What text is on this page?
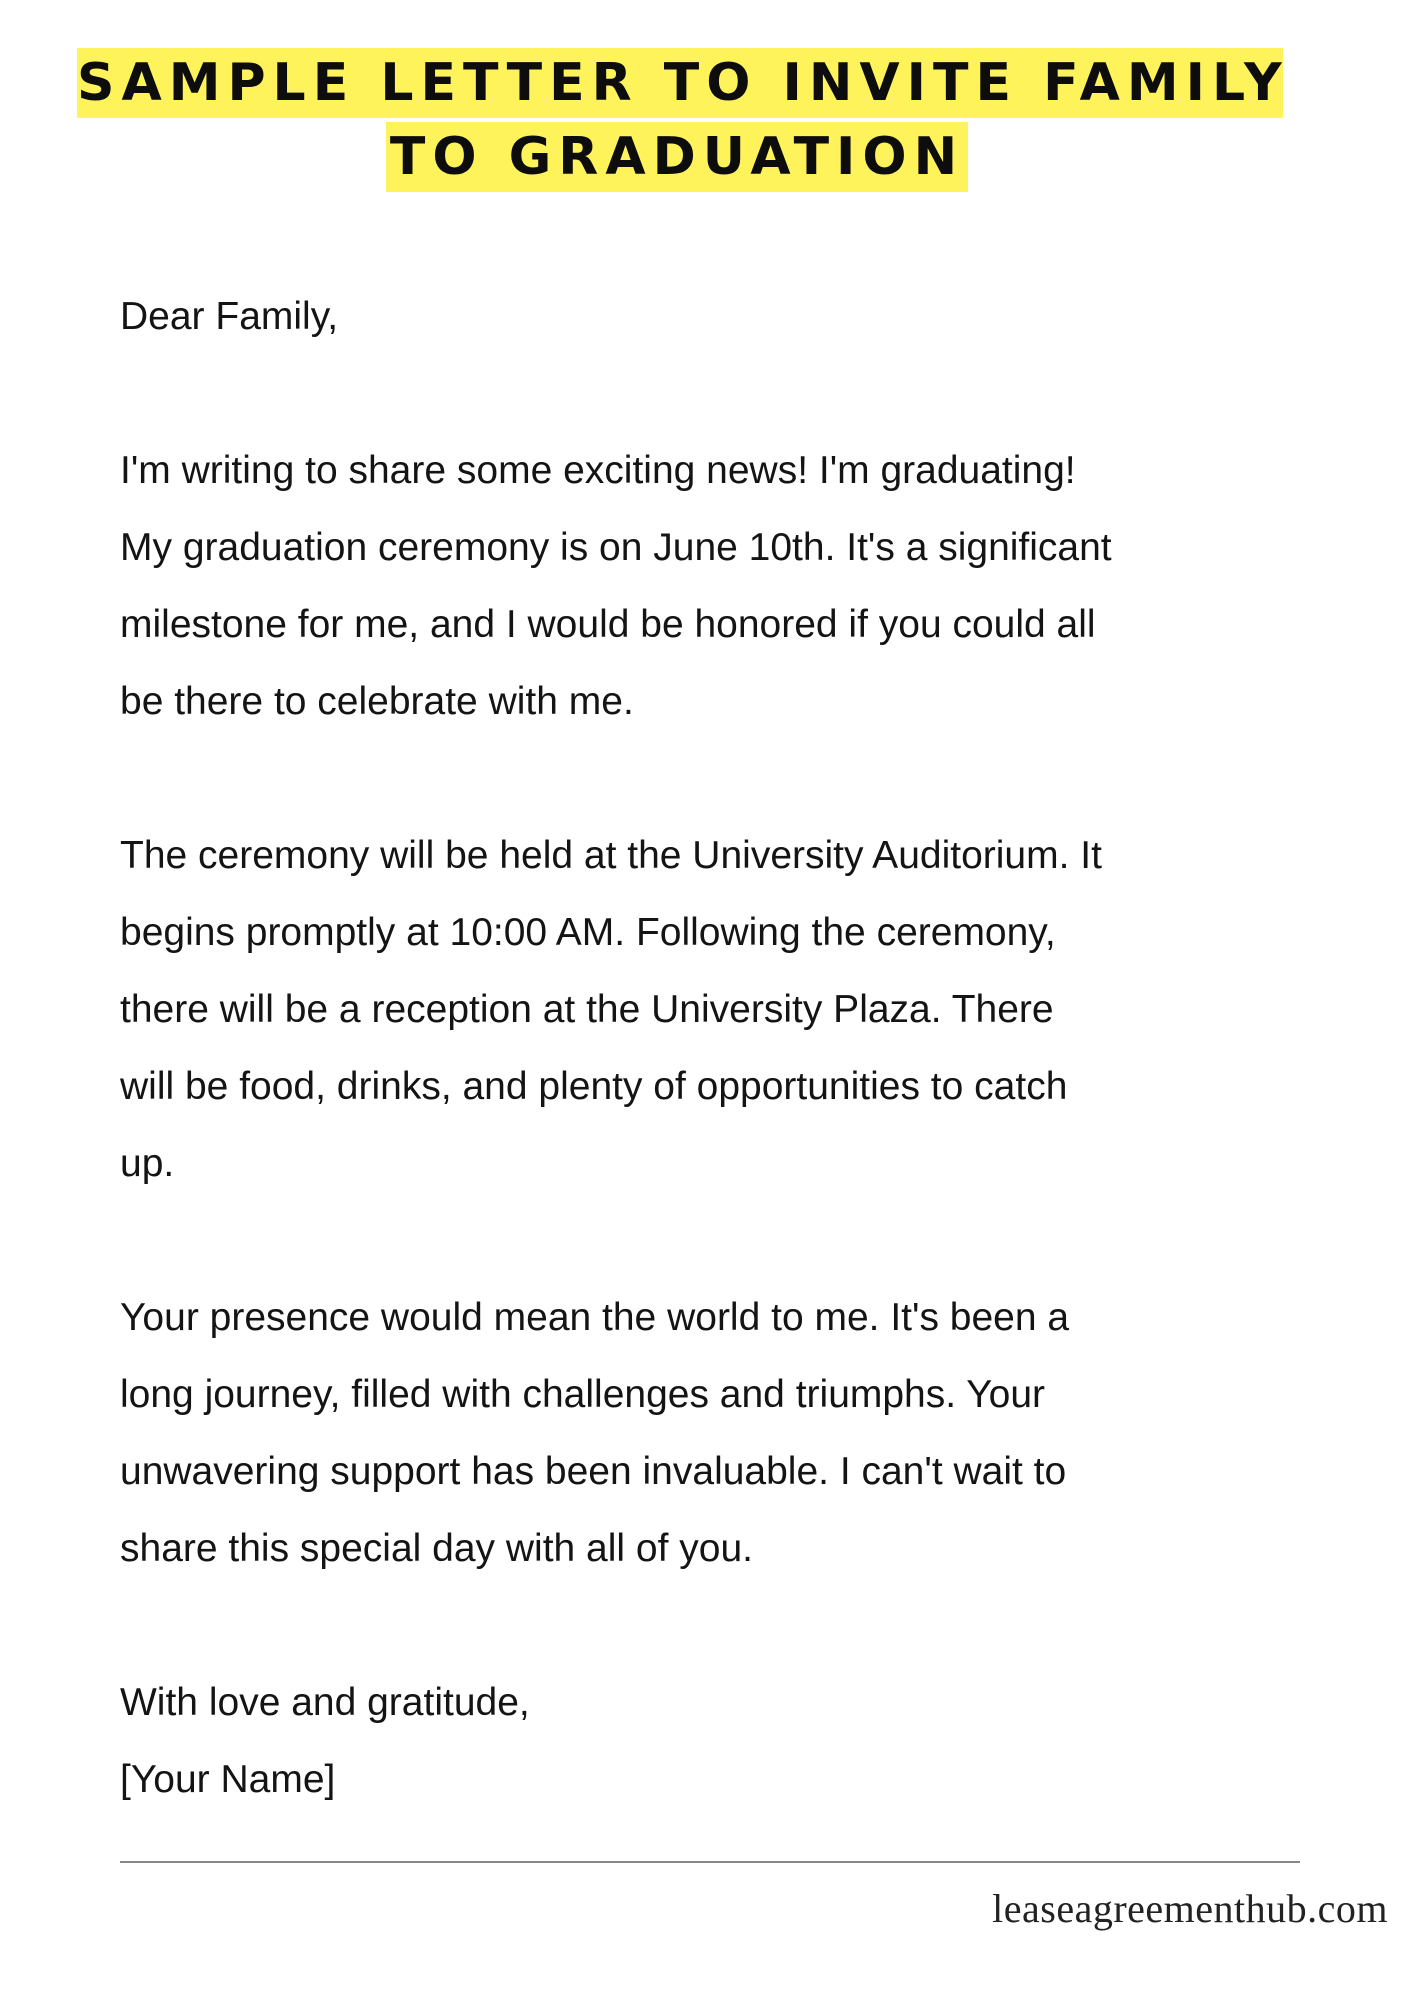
SAMPLE LETTER TO INVITE FAMILY
TO GRADUATION

Dear Family,

I'm writing to share some exciting news! I'm graduating!

My graduation ceremony is on June 10th. It's a significant

milestone for me, and I would be honored if you could all

be there to celebrate with me.

The ceremony will be held at the University Auditorium. It

begins promptly at 10:00 AM. Following the ceremony,

there will be a reception at the University Plaza. There

will be food, drinks, and plenty of opportunities to catch

up.

Your presence would mean the world to me. It's been a

long journey, filled with challenges and triumphs. Your

unwavering support has been invaluable. I can't wait to

share this special day with all of you.

With love and gratitude,

[Your Name]

leaseagreementhub.com
